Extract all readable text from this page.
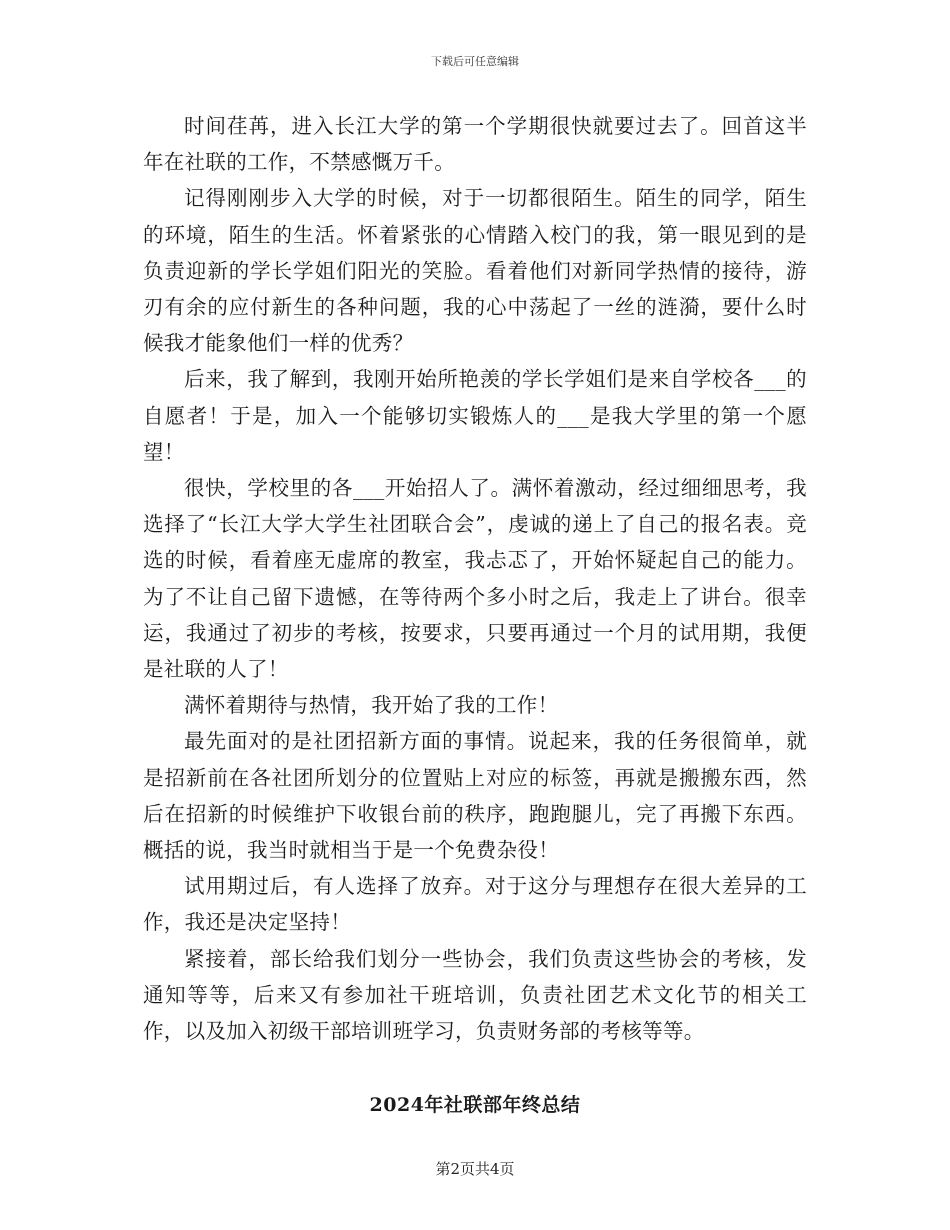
下载后可任意编辑

时间荏苒，进入长江大学的第一个学期很快就要过去了。回首这半年在社联的工作，不禁感慨万千。

记得刚刚步入大学的时候，对于一切都很陌生。陌生的同学，陌生的环境，陌生的生活。怀着紧张的心情踏入校门的我，第一眼见到的是负责迎新的学长学姐们阳光的笑脸。看着他们对新同学热情的接待，游刃有余的应付新生的各种问题，我的心中荡起了一丝的涟漪，要什么时候我才能象他们一样的优秀？

后来，我了解到，我刚开始所艳羡的学长学姐们是来自学校各___的自愿者！于是，加入一个能够切实锻炼人的___是我大学里的第一个愿望！

很快，学校里的各___开始招人了。满怀着激动，经过细细思考，我选择了“长江大学大学生社团联合会”，虔诚的递上了自己的报名表。竞选的时候，看着座无虚席的教室，我忐忑了，开始怀疑起自己的能力。为了不让自己留下遗憾，在等待两个多小时之后，我走上了讲台。很幸运，我通过了初步的考核，按要求，只要再通过一个月的试用期，我便是社联的人了！

满怀着期待与热情，我开始了我的工作！

最先面对的是社团招新方面的事情。说起来，我的任务很简单，就是招新前在各社团所划分的位置贴上对应的标签，再就是搬搬东西，然后在招新的时候维护下收银台前的秩序，跑跑腿儿，完了再搬下东西。概括的说，我当时就相当于是一个免费杂役！

试用期过后，有人选择了放弃。对于这分与理想存在很大差异的工作，我还是决定坚持！

紧接着，部长给我们划分一些协会，我们负责这些协会的考核，发通知等等，后来又有参加社干班培训，负责社团艺术文化节的相关工作，以及加入初级干部培训班学习，负责财务部的考核等等。

2024年社联部年终总结
第2页共4页
